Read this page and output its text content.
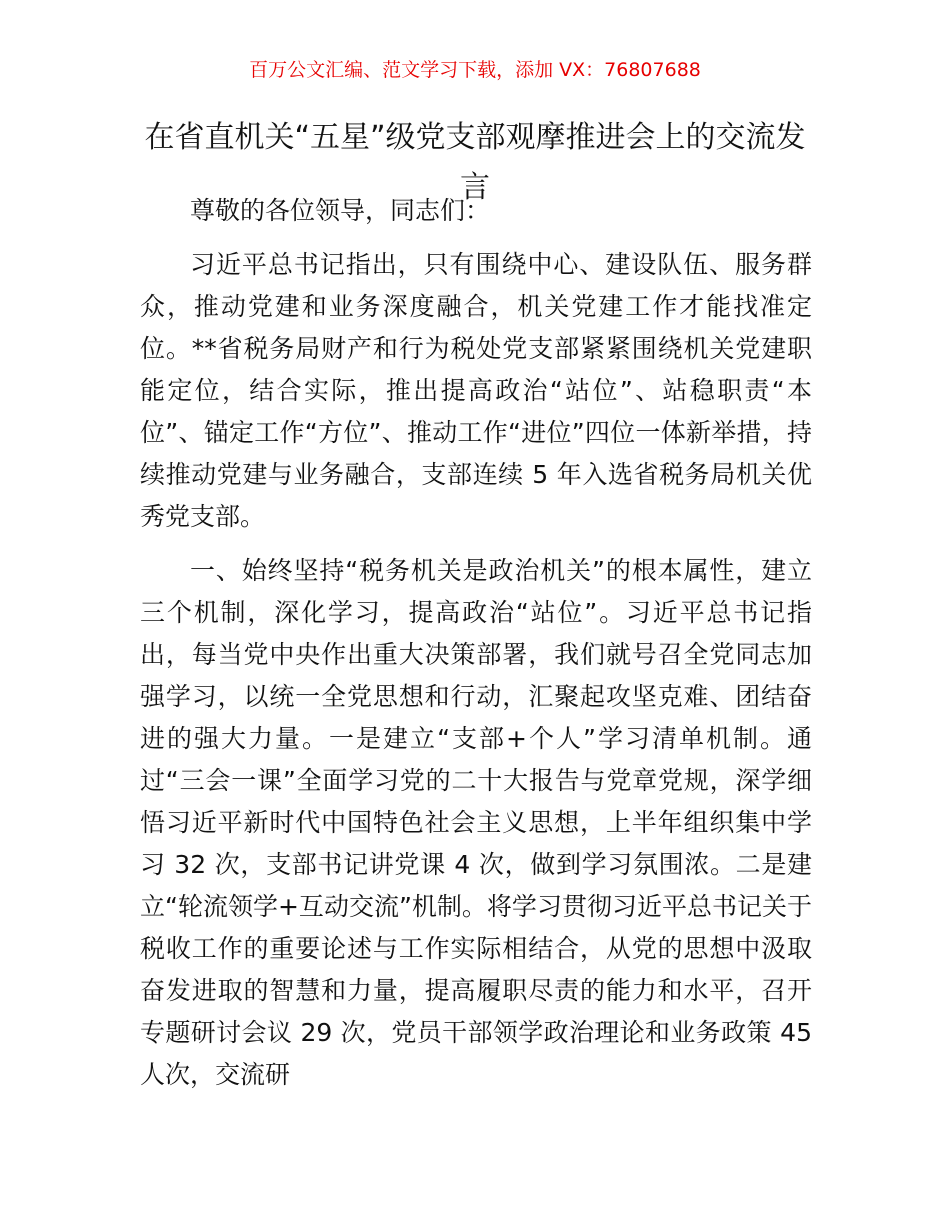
百万公文汇编、范文学习下载，添加 VX：76807688
在省直机关“五星”级党支部观摩推进会上的交流发言

尊敬的各位领导，同志们：

习近平总书记指出，只有围绕中心、建设队伍、服务群众，推动党建和业务深度融合，机关党建工作才能找准定位。**省税务局财产和行为税处党支部紧紧围绕机关党建职能定位，结合实际，推出提高政治“站位”、站稳职责“本位”、锚定工作“方位”、推动工作“进位”四位一体新举措，持续推动党建与业务融合，支部连续 5 年入选省税务局机关优秀党支部。

一、始终坚持“税务机关是政治机关”的根本属性，建立三个机制，深化学习，提高政治“站位”。习近平总书记指出，每当党中央作出重大决策部署，我们就号召全党同志加强学习，以统一全党思想和行动，汇聚起攻坚克难、团结奋进的强大力量。一是建立“支部+个人”学习清单机制。通过“三会一课”全面学习党的二十大报告与党章党规，深学细悟习近平新时代中国特色社会主义思想，上半年组织集中学习 32 次，支部书记讲党课 4 次，做到学习氛围浓。二是建立“轮流领学+互动交流”机制。将学习贯彻习近平总书记关于税收工作的重要论述与工作实际相结合，从党的思想中汲取奋发进取的智慧和力量，提高履职尽责的能力和水平，召开专题研讨会议 29 次，党员干部领学政治理论和业务政策 45 人次，交流研
